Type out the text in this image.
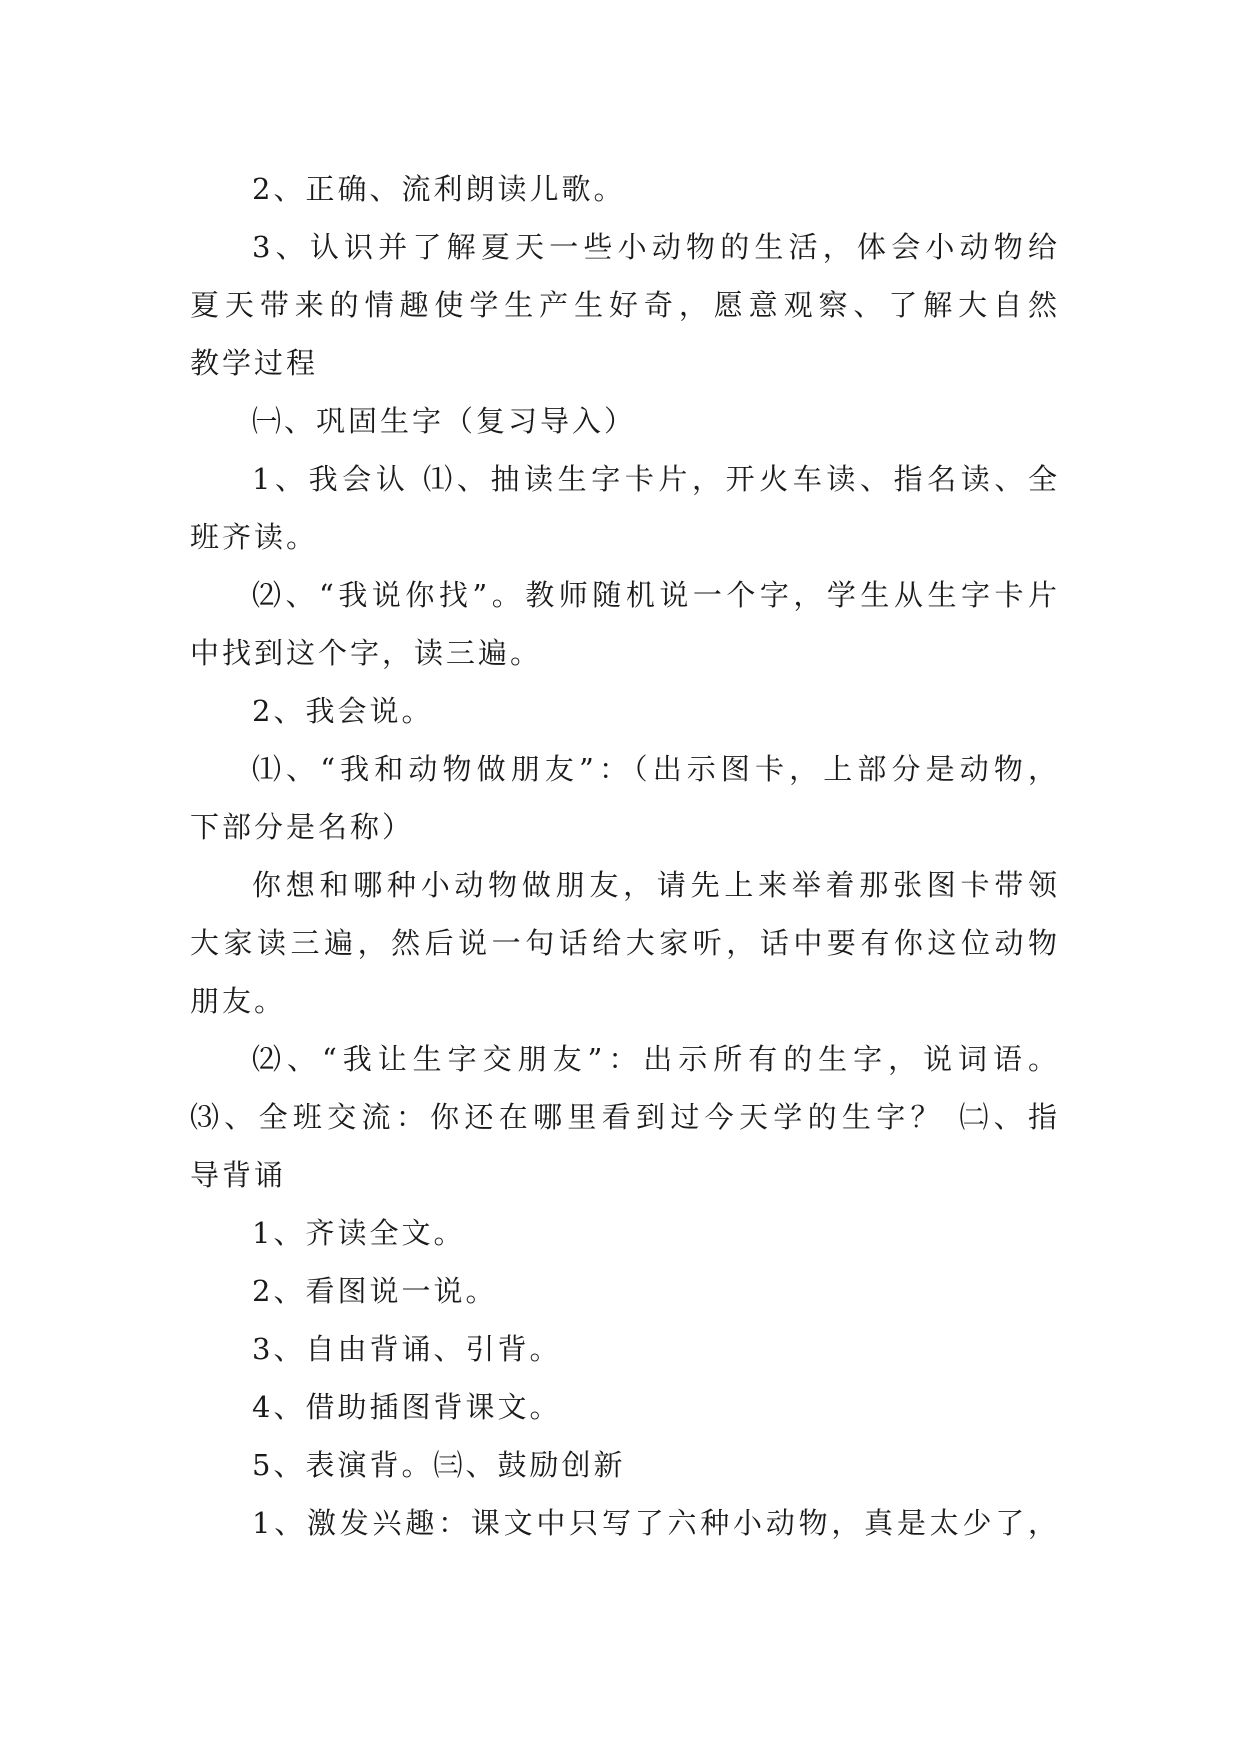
2、正确、流利朗读儿歌。
3、认识并了解夏天一些小动物的生活，体会小动物给
夏天带来的情趣使学生产生好奇，愿意观察、了解大自然
教学过程
㈠、巩固生字（复习导入）
1、我会认 ⑴、抽读生字卡片，开火车读、指名读、全
班齐读。
⑵、“我说你找”。教师随机说一个字，学生从生字卡片
中找到这个字，读三遍。
2、我会说。
⑴、“我和动物做朋友”：（出示图卡，上部分是动物，
下部分是名称）
你想和哪种小动物做朋友，请先上来举着那张图卡带领
大家读三遍，然后说一句话给大家听，话中要有你这位动物
朋友。
⑵、“我让生字交朋友”：出示所有的生字，说词语。
⑶、全班交流：你还在哪里看到过今天学的生字？ ㈡、指
导背诵
1、齐读全文。
2、看图说一说。
3、自由背诵、引背。
4、借助插图背课文。
5、表演背。㈢、鼓励创新
1、激发兴趣：课文中只写了六种小动物，真是太少了，
